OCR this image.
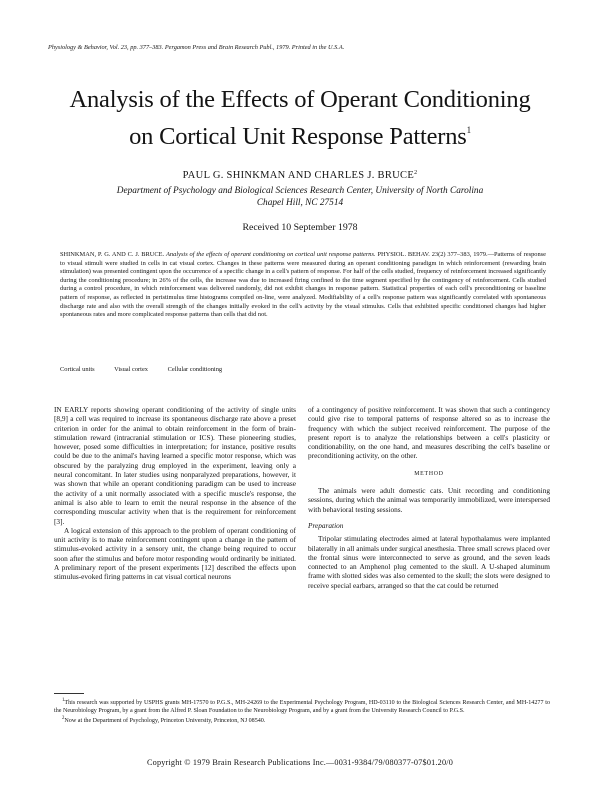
Physiology & Behavior, Vol. 23, pp. 377–383. Pergamon Press and Brain Research Publ., 1979. Printed in the U.S.A.
Analysis of the Effects of Operant Conditioning
on Cortical Unit Response Patterns$^1$
PAUL G. SHINKMAN AND CHARLES J. BRUCE$^2$
Department of Psychology and Biological Sciences Research Center, University of North Carolina
Chapel Hill, NC 27514
Received 10 September 1978
SHINKMAN, P. G. AND C. J. BRUCE. Analysis of the effects of operant conditioning on cortical unit response patterns. PHYSIOL. BEHAV. 23(2) 377–383, 1979.—Patterns of response to visual stimuli were studied in cells in cat visual cortex. Changes in these patterns were measured during an operant conditioning paradigm in which reinforcement (rewarding brain stimulation) was presented contingent upon the occurrence of a specific change in a cell's pattern of response. For half of the cells studied, frequency of reinforcement increased significantly during the conditioning procedure; in 26% of the cells, the increase was due to increased firing confined to the time segment specified by the contingency of reinforcement. Cells studied during a control procedure, in which reinforcement was delivered randomly, did not exhibit changes in response pattern. Statistical properties of each cell's preconditioning or baseline pattern of response, as reflected in peristimulus time histograms compiled on-line, were analyzed. Modifiability of a cell's response pattern was significantly correlated with spontaneous discharge rate and also with the overall strength of the changes initially evoked in the cell's activity by the visual stimulus. Cells that exhibited specific conditioned changes had higher spontaneous rates and more complicated response patterns than cells that did not.
Cortical units	Visual cortex	Cellular conditioning

IN EARLY reports showing operant conditioning of the activity of single units [8,9] a cell was required to increase its spontaneous discharge rate above a preset criterion in order for the animal to obtain reinforcement in the form of brain-stimulation reward (intracranial stimulation or ICS). These pioneering studies, however, posed some difficulties in interpretation; for instance, positive results could be due to the animal's having learned a specific motor response, which was obscured by the paralyzing drug employed in the experiment, leaving only a neural concomitant. In later studies using nonparalyzed preparations, however, it was shown that while an operant conditioning paradigm can be used to increase the activity of a unit normally associated with a specific muscle's response, the animal is also able to learn to emit the neural response in the absence of the corresponding muscular activity when that is the requirement for reinforcement [3].

A logical extension of this approach to the problem of operant conditioning of unit activity is to make reinforcement contingent upon a change in the pattern of stimulus-evoked activity in a sensory unit, the change being required to occur soon after the stimulus and before motor responding would ordinarily be initiated. A preliminary report of the present experiments [12] described the effects upon stimulus-evoked firing patterns in cat visual cortical neurons

of a contingency of positive reinforcement. It was shown that such a contingency could give rise to temporal patterns of response altered so as to increase the frequency with which the subject received reinforcement. The purpose of the present report is to analyze the relationships between a cell's plasticity or conditionability, on the one hand, and measures describing the cell's baseline or preconditioning activity, on the other.

METHOD

The animals were adult domestic cats. Unit recording and conditioning sessions, during which the animal was temporarily immobilized, were interspersed with behavioral testing sessions.

Preparation

Tripolar stimulating electrodes aimed at lateral hypothalamus were implanted bilaterally in all animals under surgical anesthesia. Three small screws placed over the frontal sinus were interconnected to serve as ground, and the seven leads connected to an Amphenol plug cemented to the skull. A U-shaped aluminum frame with slotted sides was also cemented to the skull; the slots were designed to receive special earbars, arranged so that the cat could be returned

$^1$This research was supported by USPHS grants MH-17570 to P.G.S., MH-24269 to the Experimental Psychology Program, HD-03110 to the Biological Sciences Research Center, and MH-14277 to the Neurobiology Program, by a grant from the Alfred P. Sloan Foundation to the Neurobiology Program, and by a grant from the University Research Council to P.G.S.

$^2$Now at the Department of Psychology, Princeton University, Princeton, NJ 08540.

Copyright © 1979 Brain Research Publications Inc.—0031-9384/79/080377-07$01.20/0
